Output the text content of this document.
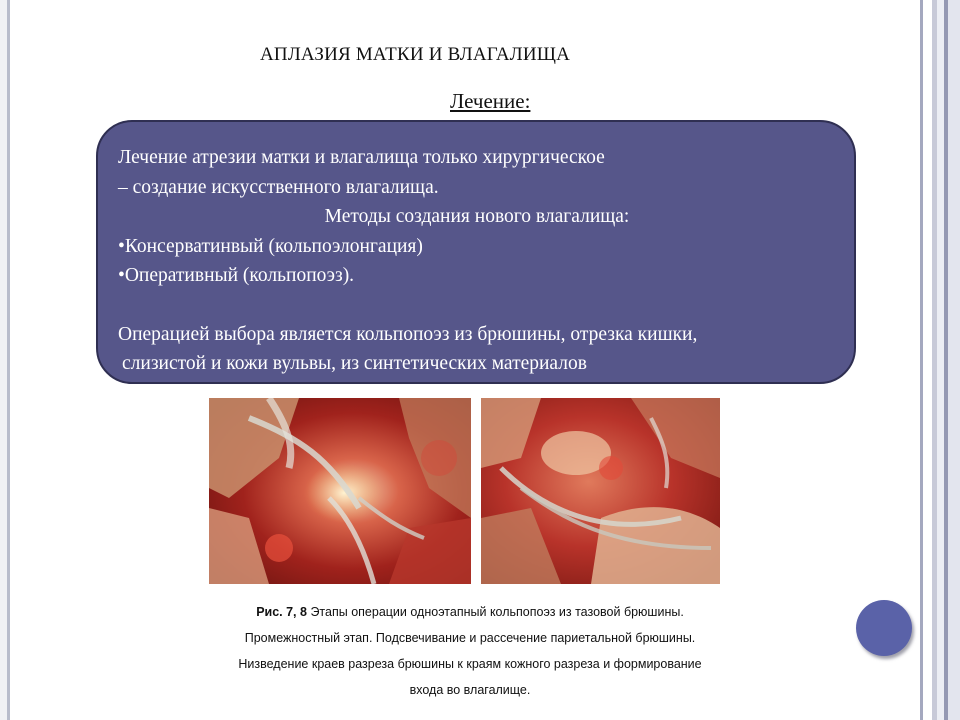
АПЛАЗИЯ МАТКИ И ВЛАГАЛИЩА
Лечение:
Лечение атрезии матки и влагалища только хирургическое
– создание искусственного влагалища.
Методы создания нового влагалища:
•Консерватинвый (кольпоэлонгация)
•Оперативный (кольпопоэз).
Операцией выбора является кольпопоэз из брюшины, отрезка кишки,
слизистой и кожи вульвы, из синтетических материалов
Рис. 7, 8 Этапы операции одноэтапный кольпопоэз из тазовой брюшины.
Промежностный этап. Подсвечивание и рассечение париетальной брюшины.
Низведение краев разреза брюшины к краям кожного разреза и формирование
входа во влагалище.
